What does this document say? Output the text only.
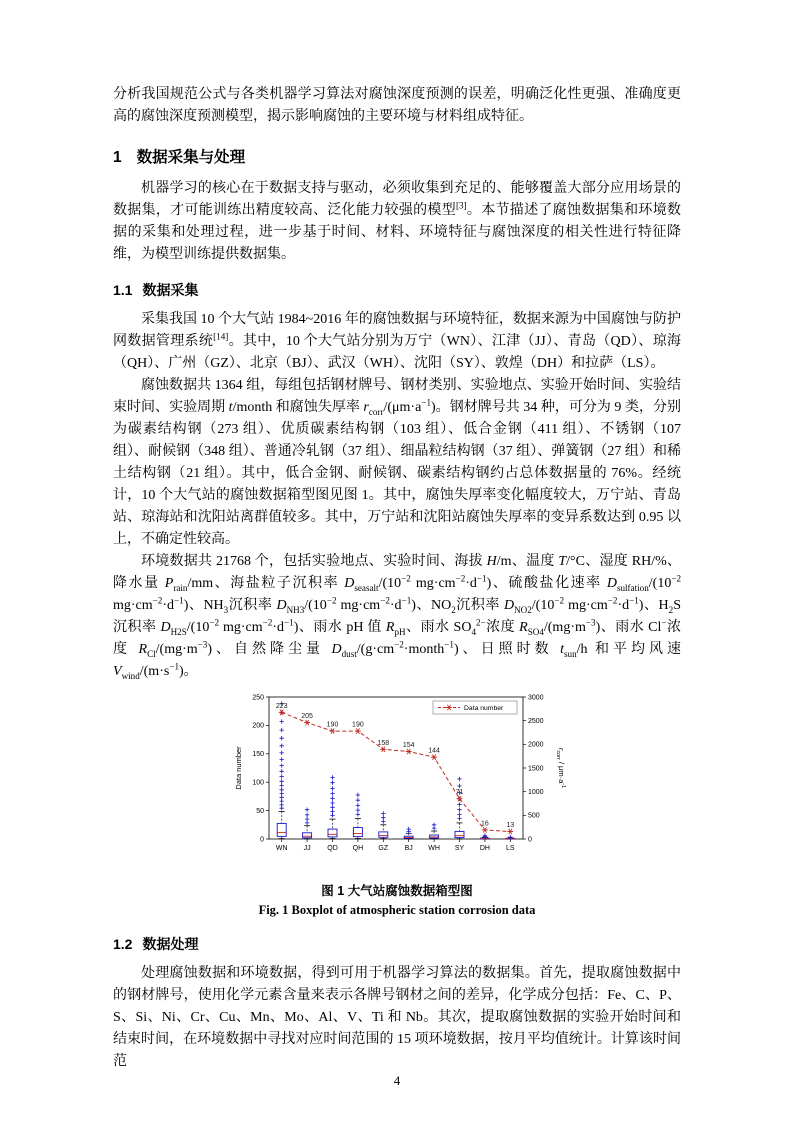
分析我国规范公式与各类机器学习算法对腐蚀深度预测的误差，明确泛化性更强、准确度更高的腐蚀深度预测模型，揭示影响腐蚀的主要环境与材料组成特征。

1 数据采集与处理

机器学习的核心在于数据支持与驱动，必须收集到充足的、能够覆盖大部分应用场景的数据集，才可能训练出精度较高、泛化能力较强的模型[3]。本节描述了腐蚀数据集和环境数据的采集和处理过程，进一步基于时间、材料、环境特征与腐蚀深度的相关性进行特征降维，为模型训练提供数据集。

1.1 数据采集

采集我国 10 个大气站 1984~2016 年的腐蚀数据与环境特征，数据来源为中国腐蚀与防护网数据管理系统[14]。其中，10 个大气站分别为万宁（WN）、江津（JJ）、青岛（QD）、琼海（QH）、广州（GZ）、北京（BJ）、武汉（WH）、沈阳（SY）、敦煌（DH）和拉萨（LS）。

腐蚀数据共 1364 组，每组包括钢材牌号、钢材类别、实验地点、实验开始时间、实验结束时间、实验周期 t/month 和腐蚀失厚率 $r_{corr}/(\mu m\cdot a^{-1})$。钢材牌号共 34 种，可分为 9 类，分别为碳素结构钢（273 组）、优质碳素结构钢（103 组）、低合金钢（411 组）、不锈钢（107 组）、耐候钢（348 组）、普通冷轧钢（37 组）、细晶粒结构钢（37 组）、弹簧钢（27 组）和稀土结构钢（21 组）。其中，低合金钢、耐候钢、碳素结构钢约占总体数据量的 76%。经统计，10 个大气站的腐蚀数据箱型图见图 1。其中，腐蚀失厚率变化幅度较大，万宁站、青岛站、琼海站和沈阳站离群值较多。其中，万宁站和沈阳站腐蚀失厚率的变异系数达到 0.95 以上，不确定性较高。

环境数据共 21768 个，包括实验地点、实验时间、海拔 H/m、温度 T/°C、湿度 RH/%、降水量 $P_{rain}/mm$、海盐粒子沉积率 $D_{seasalt}/(10^{-2}$ $mg\cdot cm^{-2}\cdot d^{-1}$)、硫酸盐化速率 $D_{sulfation}/(10^{-2}$ $mg\cdot cm^{-2}\cdot d^{-1}$)、$NH_3$沉积率 $D_{NH3}/(10^{-2}$ $mg\cdot cm^{-2}\cdot d^{-1}$)、$NO_2$沉积率 $D_{NO2}/(10^{-2}$ $mg\cdot cm^{-2}\cdot d^{-1}$)、$H_2S$ 沉积率 $D_{H2S}/(10^{-2}$ $mg\cdot cm^{-2}\cdot d^{-1}$)、雨水 pH 值 $R_{pH}$、雨水 $SO_4^{2-}$浓度 $R_{SO4}/(mg\cdot m^{-3})$、雨水 Cl−浓度 $R_{Cl}/(mg\cdot m^{-3})$、自然降尘量 $D_{dust}/(g\cdot cm^{-2}\cdot month^{-1})$、日照时数 $t_{sun}/h$ 和平均风速 $V_{wind}/(m\cdot s^{-1})$。

0
50
100
150
200
250
Data number
0
500
1000
1500
2000
2500
3000
rcorr / μm·a-1
WN JJ QD QH GZ BJ WH SY DH LS
223
205
190 190
158 154
144
71
16	13
Data number
图 1 大气站腐蚀数据箱型图
Fig. 1 Boxplot of atmospheric station corrosion data
1.2 数据处理

处理腐蚀数据和环境数据，得到可用于机器学习算法的数据集。首先，提取腐蚀数据中的钢材牌号，使用化学元素含量来表示各牌号钢材之间的差异，化学成分包括：Fe、C、P、S、Si、Ni、Cr、Cu、Mn、Mo、Al、V、Ti 和 Nb。其次，提取腐蚀数据的实验开始时间和结束时间，在环境数据中寻找对应时间范围的 15 项环境数据，按月平均值统计。计算该时间范

4
